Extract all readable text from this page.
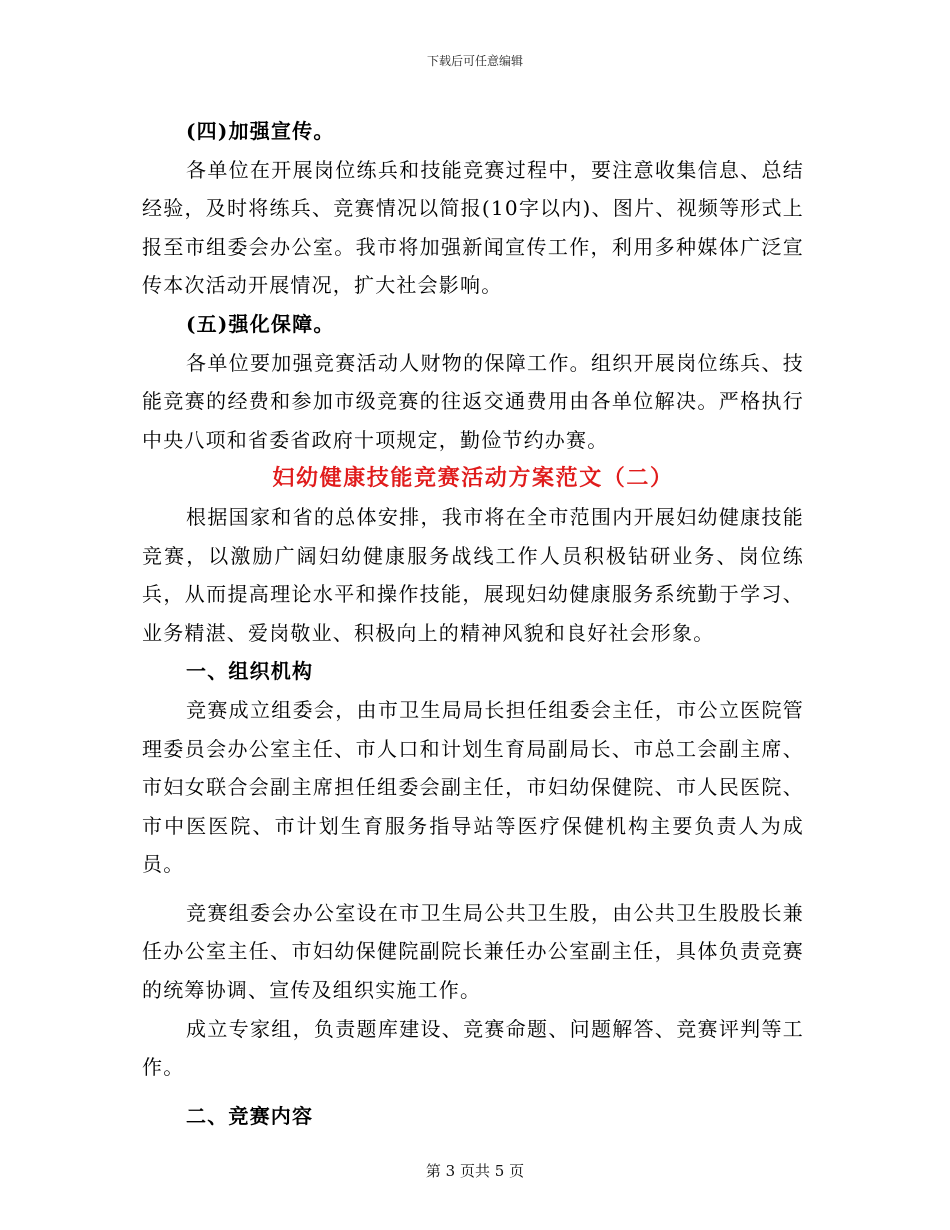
下载后可任意编辑

(四)加强宣传。

各单位在开展岗位练兵和技能竞赛过程中，要注意收集信息、总结经验，及时将练兵、竞赛情况以简报(10字以内)、图片、视频等形式上报至市组委会办公室。我市将加强新闻宣传工作，利用多种媒体广泛宣传本次活动开展情况，扩大社会影响。

(五)强化保障。

各单位要加强竞赛活动人财物的保障工作。组织开展岗位练兵、技能竞赛的经费和参加市级竞赛的往返交通费用由各单位解决。严格执行中央八项和省委省政府十项规定，勤俭节约办赛。

妇幼健康技能竞赛活动方案范文（二）

根据国家和省的总体安排，我市将在全市范围内开展妇幼健康技能竞赛，以激励广阔妇幼健康服务战线工作人员积极钻研业务、岗位练兵，从而提高理论水平和操作技能，展现妇幼健康服务系统勤于学习、业务精湛、爱岗敬业、积极向上的精神风貌和良好社会形象。

一、组织机构

竞赛成立组委会，由市卫生局局长担任组委会主任，市公立医院管理委员会办公室主任、市人口和计划生育局副局长、市总工会副主席、市妇女联合会副主席担任组委会副主任，市妇幼保健院、市人民医院、市中医医院、市计划生育服务指导站等医疗保健机构主要负责人为成员。

竞赛组委会办公室设在市卫生局公共卫生股，由公共卫生股股长兼任办公室主任、市妇幼保健院副院长兼任办公室副主任，具体负责竞赛的统筹协调、宣传及组织实施工作。

成立专家组，负责题库建设、竞赛命题、问题解答、竞赛评判等工作。

二、竞赛内容

第 3 页共 5 页
